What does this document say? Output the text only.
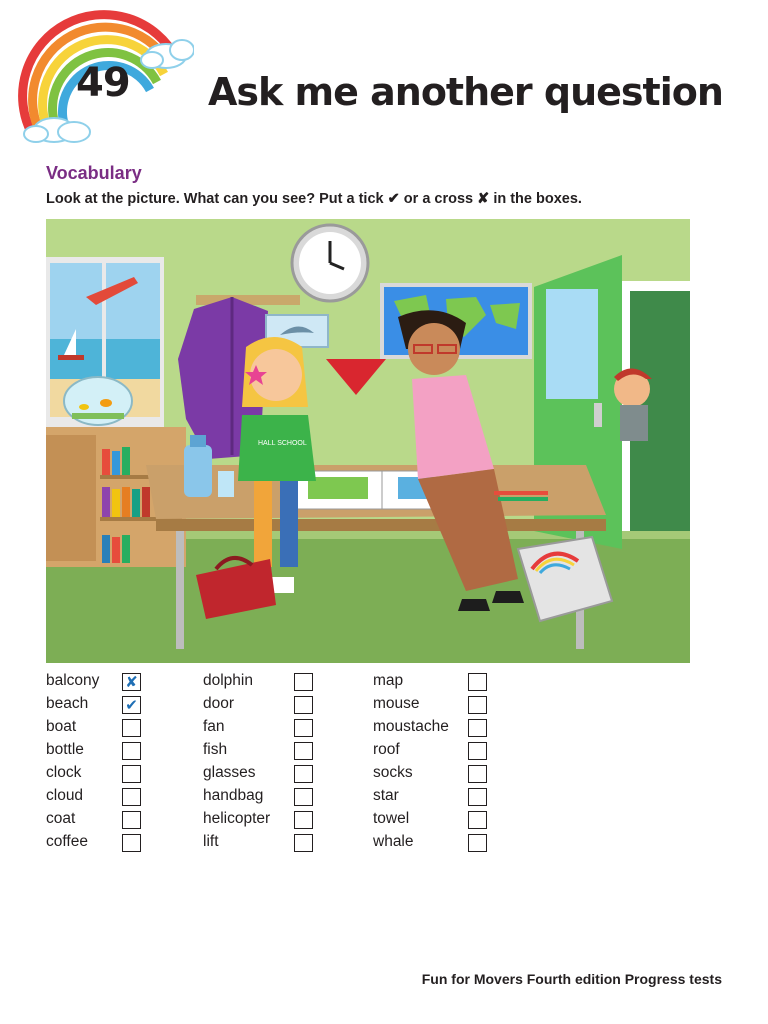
49 Ask me another question
Vocabulary
Look at the picture. What can you see? Put a tick ✔ or a cross ✘ in the boxes.
HALL SCHOOL
balcony ✘
beach ✔
boat
bottle
clock
cloud
coat
coffee
dolphin
door
fan
fish
glasses
handbag
helicopter
lift
map
mouse
moustache
roof
socks
star
towel
whale
Fun for Movers Fourth edition Progress tests
